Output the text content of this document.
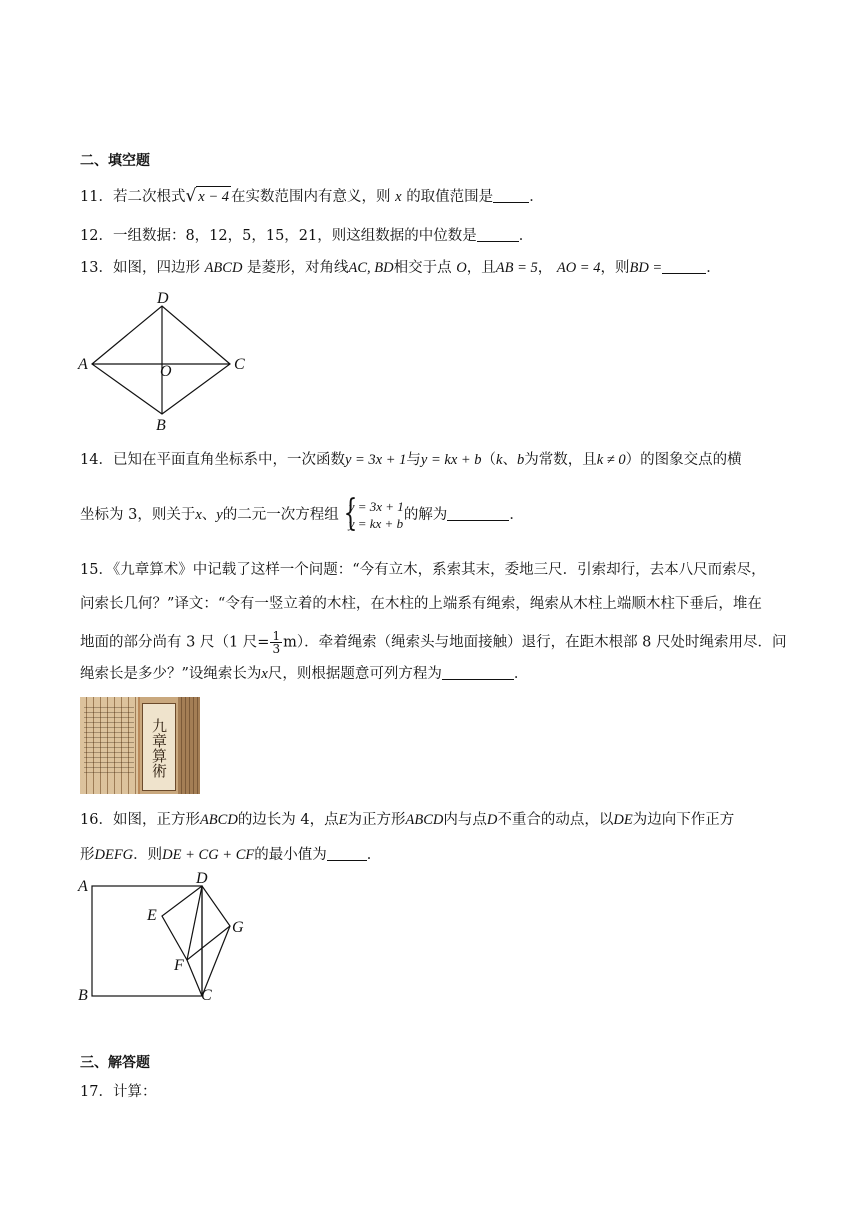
二、填空题
11．若二次根式√ x − 4 在实数范围内有意义，则 x 的取值范围是 ．
12．一组数据：8，12，5，15，21，则这组数据的中位数是	．
13．如图，四边形 ABCD 是菱形，对角线AC, BD相交于点 O，且AB = 5， AO = 4，则BD =	．
A
D
C
B
O
14．已知在平面直角坐标系中，一次函数y = 3x + 1与y = kx + b（k、b为常数，且k ≠ 0）的图象交点的横
坐标为 3，则关于x、y的二元一次方程组 {
y = 3x + 1
y = kx + b
的解为	．
15．《九章算术》中记载了这样一个问题：“今有立木，系索其末，委地三尺．引索却行，去本八尺而索尽，
问索长几何？”译文：“令有一竖立着的木柱，在木柱的上端系有绳索，绳索从木柱上端顺木柱下垂后，堆在
地面的部分尚有 3 尺（1 尺= $\frac{1}{3} m$）．牵着绳索（绳索头与地面接触）退行，在距木根部 8 尺处时绳索用尽．问
绳索长是多少？”设绳索长为x尺，则根据题意可列方程为	．
九章算術
16．如图，正方形ABCD的边长为 4，点E为正方形ABCD内与点D不重合的动点，以DE为边向下作正方
形DEFG．则DE + CG + CF的最小值为	．
A	D
E
G
F
B	C
三、解答题
17．计算：
